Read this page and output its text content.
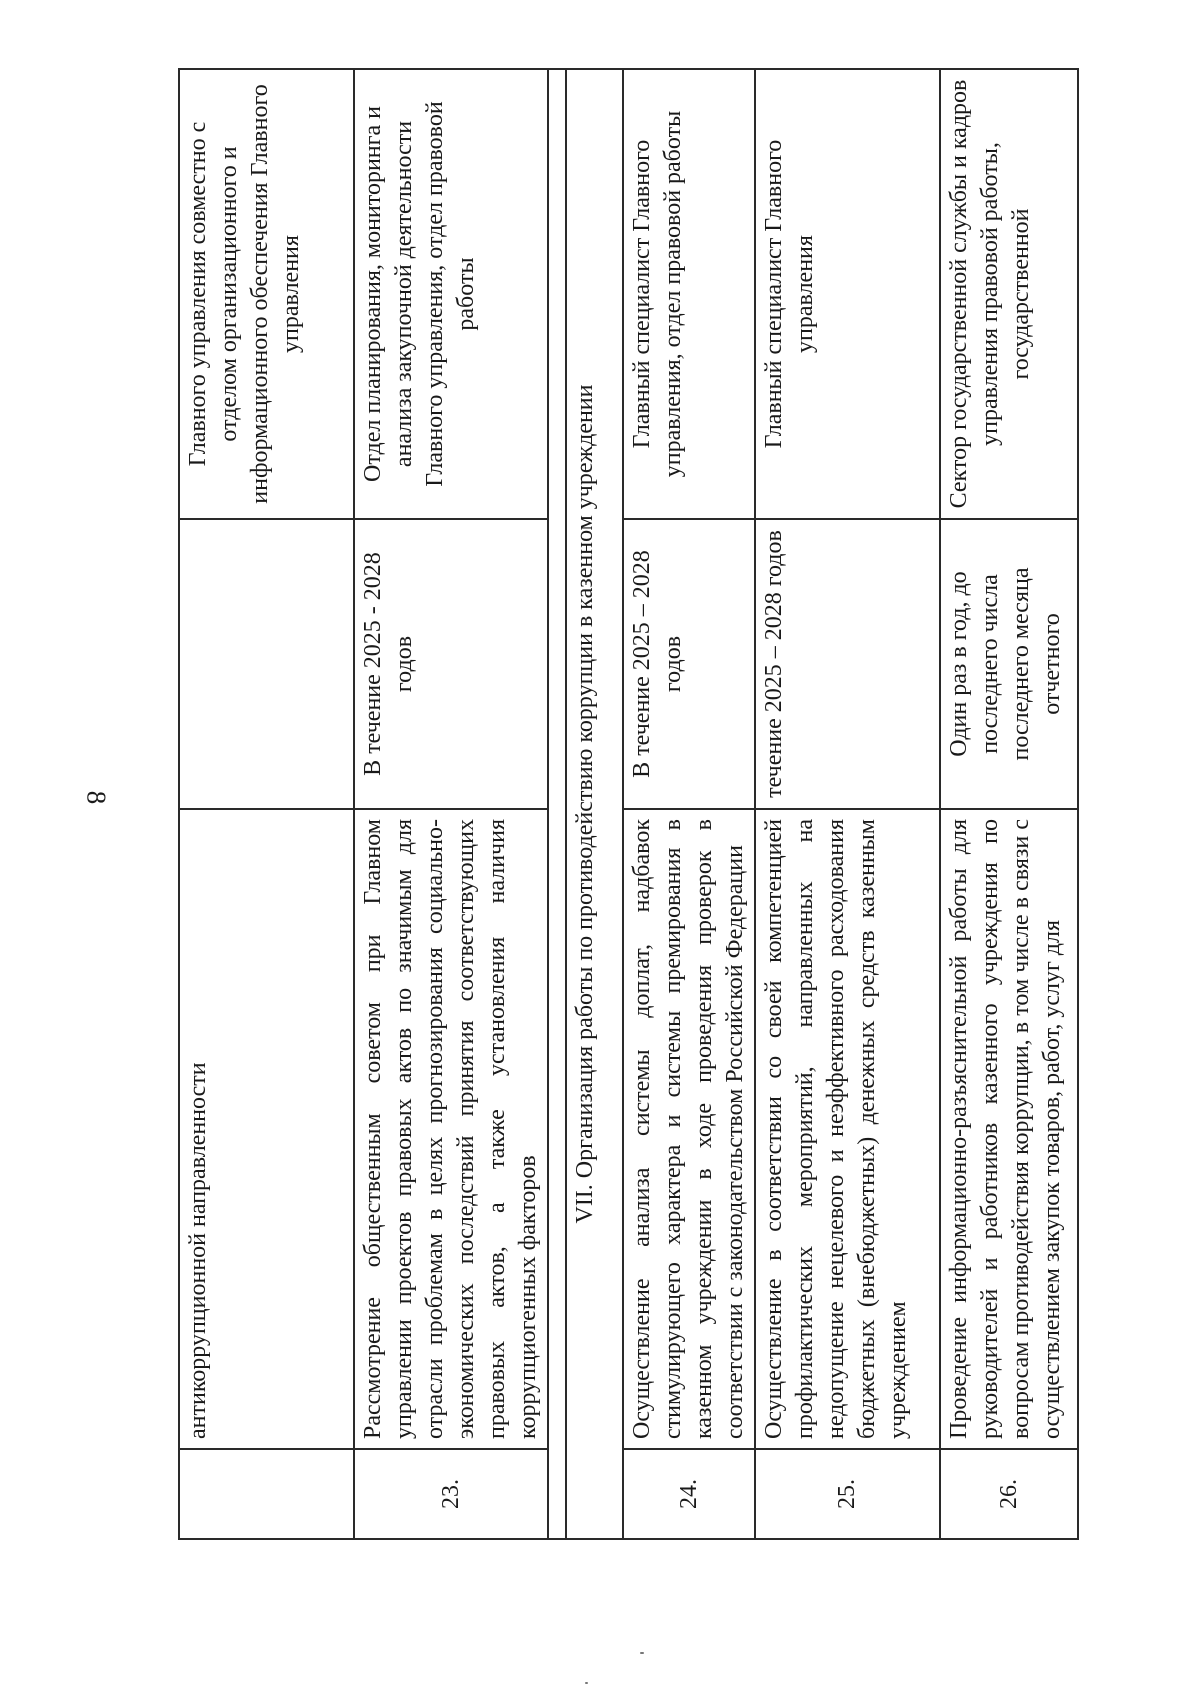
8
	антикоррупционной направленности		Главного управления совместно с отделом организационного и информационного обеспечения Главного управления
23.	Рассмотрение общественным советом при Главном управлении проектов правовых актов по значимым для отрасли проблемам в целях прогнозирования социально-экономических последствий принятия соответствующих правовых актов, а также установления наличия коррупциогенных факторов	В течение 2025 - 2028 годов	Отдел планирования, мониторинга и анализа закупочной деятельности Главного управления, отдел правовой работы

VII. Организация работы по противодействию коррупции в казенном учреждении			
24.	Осуществление анализа системы доплат, надбавок стимулирующего характера и системы премирования в казенном учреждении в ходе проведения проверок в соответствии с законодательством Российской Федерации	В течение 2025 – 2028 годов	Главный специалист Главного управления, отдел правовой работы
25.	Осуществление в соответствии со своей компетенцией профилактических мероприятий, направленных на недопущение нецелевого и неэффективного расходования бюджетных (внебюджетных) денежных средств казенным учреждением	течение 2025 – 2028 годов	Главный специалист Главного управления
26.	Проведение информационно-разъяснительной работы для руководителей и работников казенного учреждения по вопросам противодействия коррупции, в том числе в связи с осуществлением закупок товаров, работ, услуг для	Один раз в год, до последнего числа последнего месяца отчетного	Сектор государственной службы и кадров управления правовой работы, государственной
